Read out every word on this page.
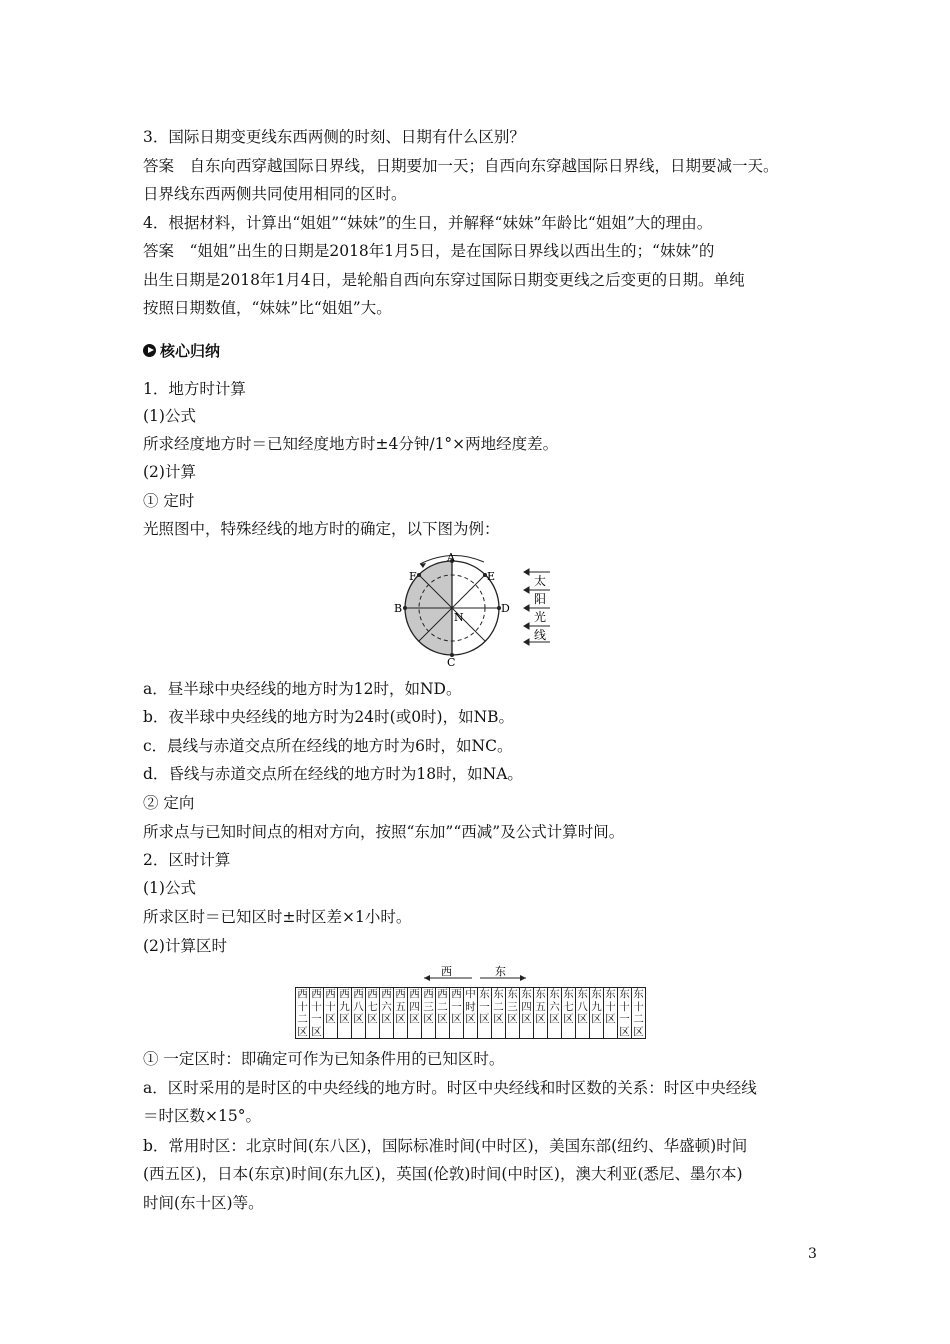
3．国际日期变更线东西两侧的时刻、日期有什么区别？
答案　自东向西穿越国际日界线，日期要加一天；自西向东穿越国际日界线，日期要减一天。
日界线东西两侧共同使用相同的区时。
4．根据材料，计算出“姐姐”“妹妹”的生日，并解释“妹妹”年龄比“姐姐”大的理由。
答案　“姐姐”出生的日期是2018年1月5日，是在国际日界线以西出生的；“妹妹”的
出生日期是2018年1月4日，是轮船自西向东穿过国际日期变更线之后变更的日期。单纯
按照日期数值，“妹妹”比“姐姐”大。
核心归纳
1．地方时计算
(1)公式
所求经度地方时＝已知经度地方时±4分钟/1°×两地经度差。
(2)计算
① 定时
光照图中，特殊经线的地方时的确定，以下图为例：
A
B
C
D
E
F
N
太
阳
光
线
a．昼半球中央经线的地方时为12时，如ND。
b．夜半球中央经线的地方时为24时(或0时)，如NB。
c．晨线与赤道交点所在经线的地方时为6时，如NC。
d．昏线与赤道交点所在经线的地方时为18时，如NA。
② 定向
所求点与已知时间点的相对方向，按照“东加”“西减”及公式计算时间。
2．区时计算
(1)公式
所求区时＝已知区时±时区差×1小时。
(2)计算区时
西	东
西
十
二
区

西
十
一
区

西
十
区

西
九
区

西
八
区

西
七
区

西
六
区

西
五
区

西
四
区

西
三
区

西
二
区

西
一
区

中
时
区

东
一
区

东
二
区

东
三
区

东
四
区

东
五
区

东
六
区

东
七
区

东
八
区

东
九
区

东
十
区

东
十
一
区

东
十
二
区
① 一定区时：即确定可作为已知条件用的已知区时。
a．区时采用的是时区的中央经线的地方时。时区中央经线和时区数的关系：时区中央经线
＝时区数×15°。
b．常用时区：北京时间(东八区)，国际标准时间(中时区)，美国东部(纽约、华盛顿)时间
(西五区)，日本(东京)时间(东九区)，英国(伦敦)时间(中时区)，澳大利亚(悉尼、墨尔本)
时间(东十区)等。
3
